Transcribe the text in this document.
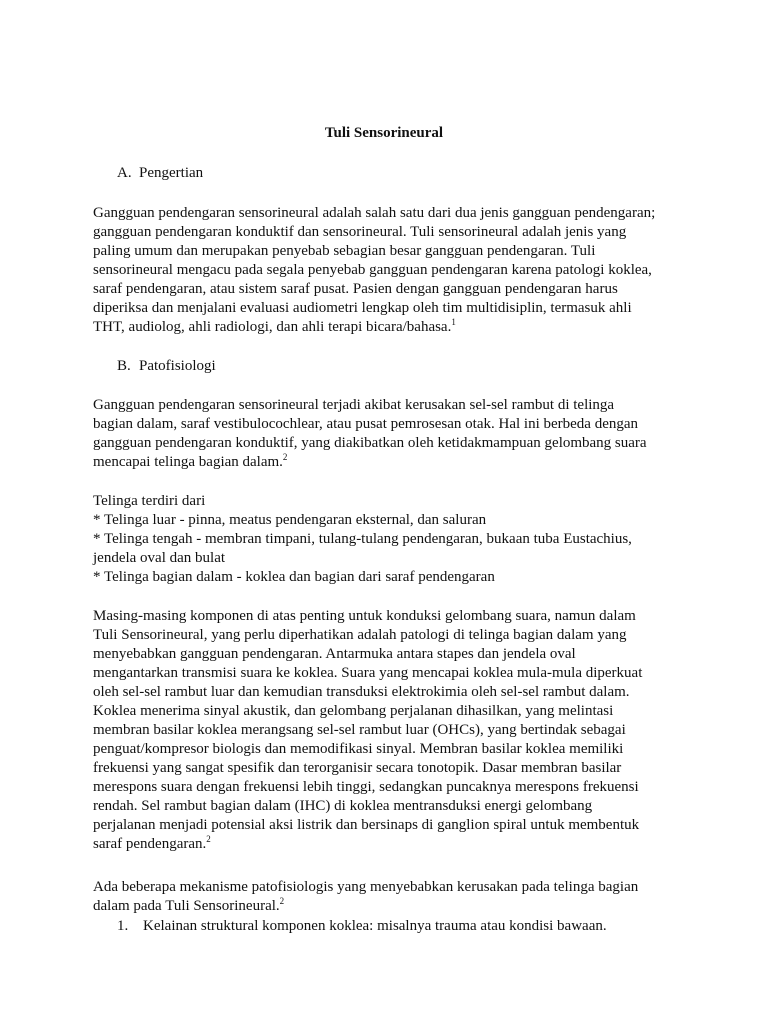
Tuli Sensorineural
A. Pengertian
Gangguan pendengaran sensorineural adalah salah satu dari dua jenis gangguan pendengaran;
gangguan pendengaran konduktif dan sensorineural. Tuli sensorineural adalah jenis yang
paling umum dan merupakan penyebab sebagian besar gangguan pendengaran. Tuli
sensorineural mengacu pada segala penyebab gangguan pendengaran karena patologi koklea,
saraf pendengaran, atau sistem saraf pusat. Pasien dengan gangguan pendengaran harus
diperiksa dan menjalani evaluasi audiometri lengkap oleh tim multidisiplin, termasuk ahli
THT, audiolog, ahli radiologi, dan ahli terapi bicara/bahasa.$^1$
B. Patofisiologi
Gangguan pendengaran sensorineural terjadi akibat kerusakan sel-sel rambut di telinga
bagian dalam, saraf vestibulocochlear, atau pusat pemrosesan otak. Hal ini berbeda dengan
gangguan pendengaran konduktif, yang diakibatkan oleh ketidakmampuan gelombang suara
mencapai telinga bagian dalam.$^2$
Telinga terdiri dari
* Telinga luar - pinna, meatus pendengaran eksternal, dan saluran
* Telinga tengah - membran timpani, tulang-tulang pendengaran, bukaan tuba Eustachius,
jendela oval dan bulat
* Telinga bagian dalam - koklea dan bagian dari saraf pendengaran
Masing-masing komponen di atas penting untuk konduksi gelombang suara, namun dalam
Tuli Sensorineural, yang perlu diperhatikan adalah patologi di telinga bagian dalam yang
menyebabkan gangguan pendengaran. Antarmuka antara stapes dan jendela oval
mengantarkan transmisi suara ke koklea. Suara yang mencapai koklea mula-mula diperkuat
oleh sel-sel rambut luar dan kemudian transduksi elektrokimia oleh sel-sel rambut dalam.
Koklea menerima sinyal akustik, dan gelombang perjalanan dihasilkan, yang melintasi
membran basilar koklea merangsang sel-sel rambut luar (OHCs), yang bertindak sebagai
penguat/kompresor biologis dan memodifikasi sinyal. Membran basilar koklea memiliki
frekuensi yang sangat spesifik dan terorganisir secara tonotopik. Dasar membran basilar
merespons suara dengan frekuensi lebih tinggi, sedangkan puncaknya merespons frekuensi
rendah. Sel rambut bagian dalam (IHC) di koklea mentransduksi energi gelombang
perjalanan menjadi potensial aksi listrik dan bersinaps di ganglion spiral untuk membentuk
saraf pendengaran.$^2$
Ada beberapa mekanisme patofisiologis yang menyebabkan kerusakan pada telinga bagian
dalam pada Tuli Sensorineural.$^2$
1. Kelainan struktural komponen koklea: misalnya trauma atau kondisi bawaan.
